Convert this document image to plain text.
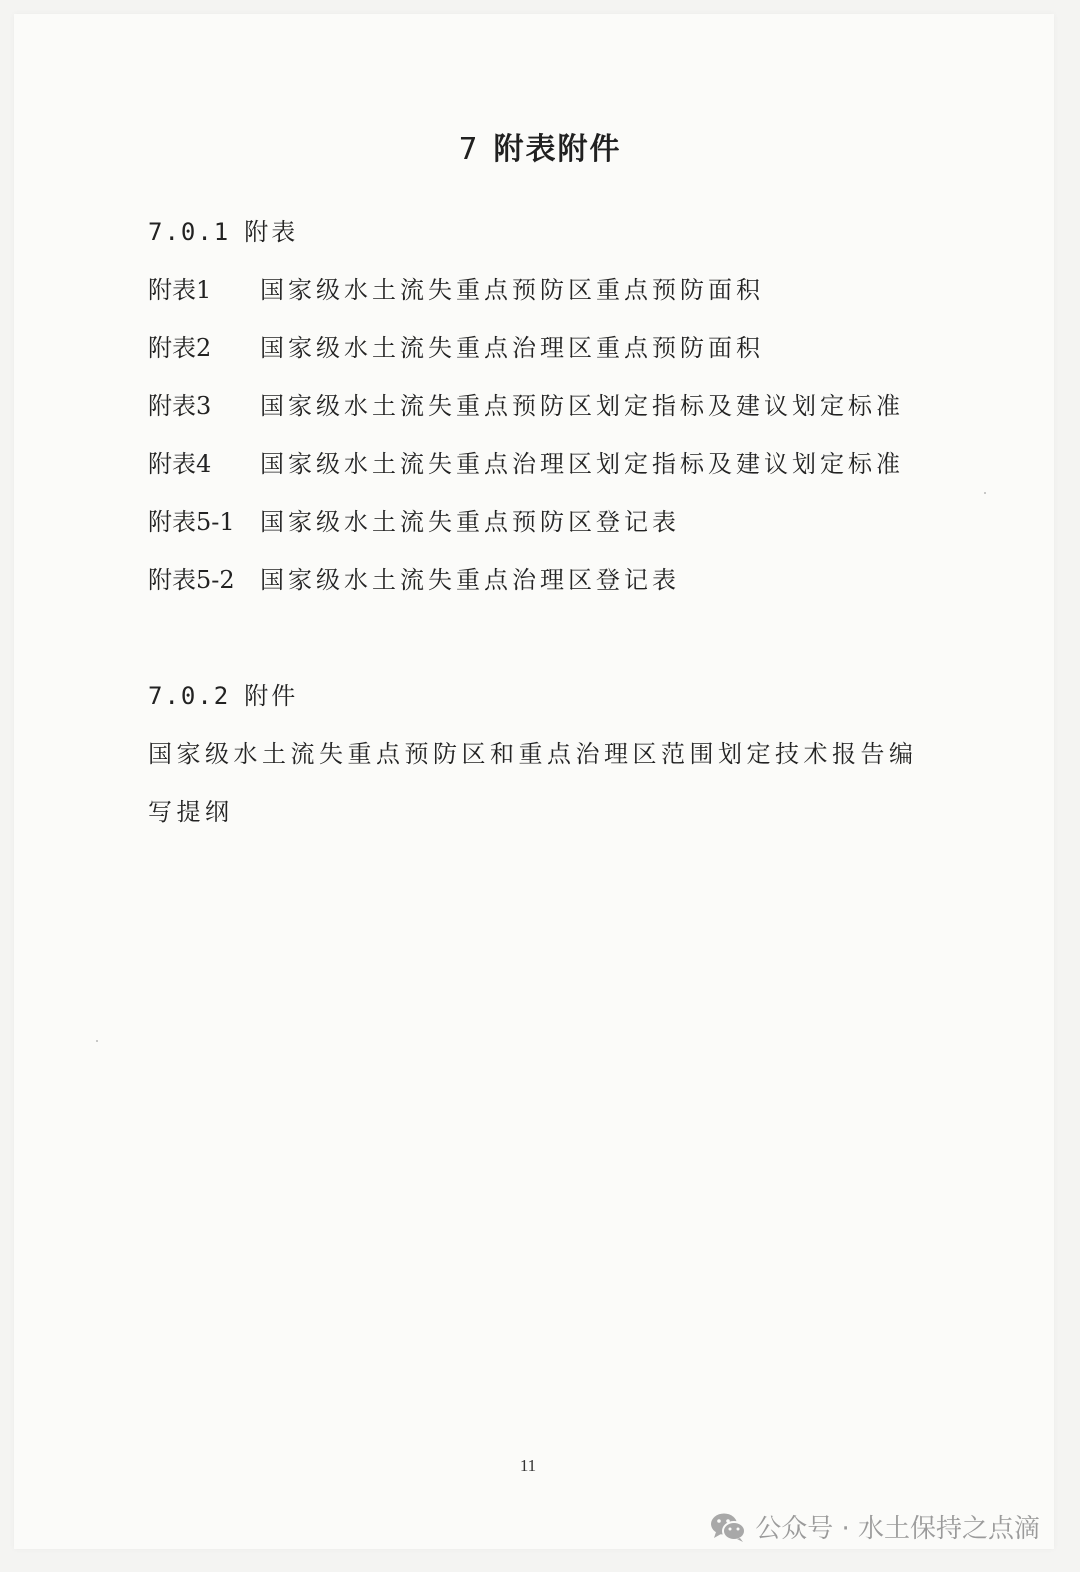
7 附表附件
7.0.1 附表
附表1 国家级水土流失重点预防区重点预防面积
附表2 国家级水土流失重点治理区重点预防面积
附表3 国家级水土流失重点预防区划定指标及建议划定标准
附表4 国家级水土流失重点治理区划定指标及建议划定标准
附表5-1 国家级水土流失重点预防区登记表
附表5-2 国家级水土流失重点治理区登记表
7.0.2 附件
国家级水土流失重点预防区和重点治理区范围划定技术报告编
写提纲
11
公众号 · 水土保持之点滴
